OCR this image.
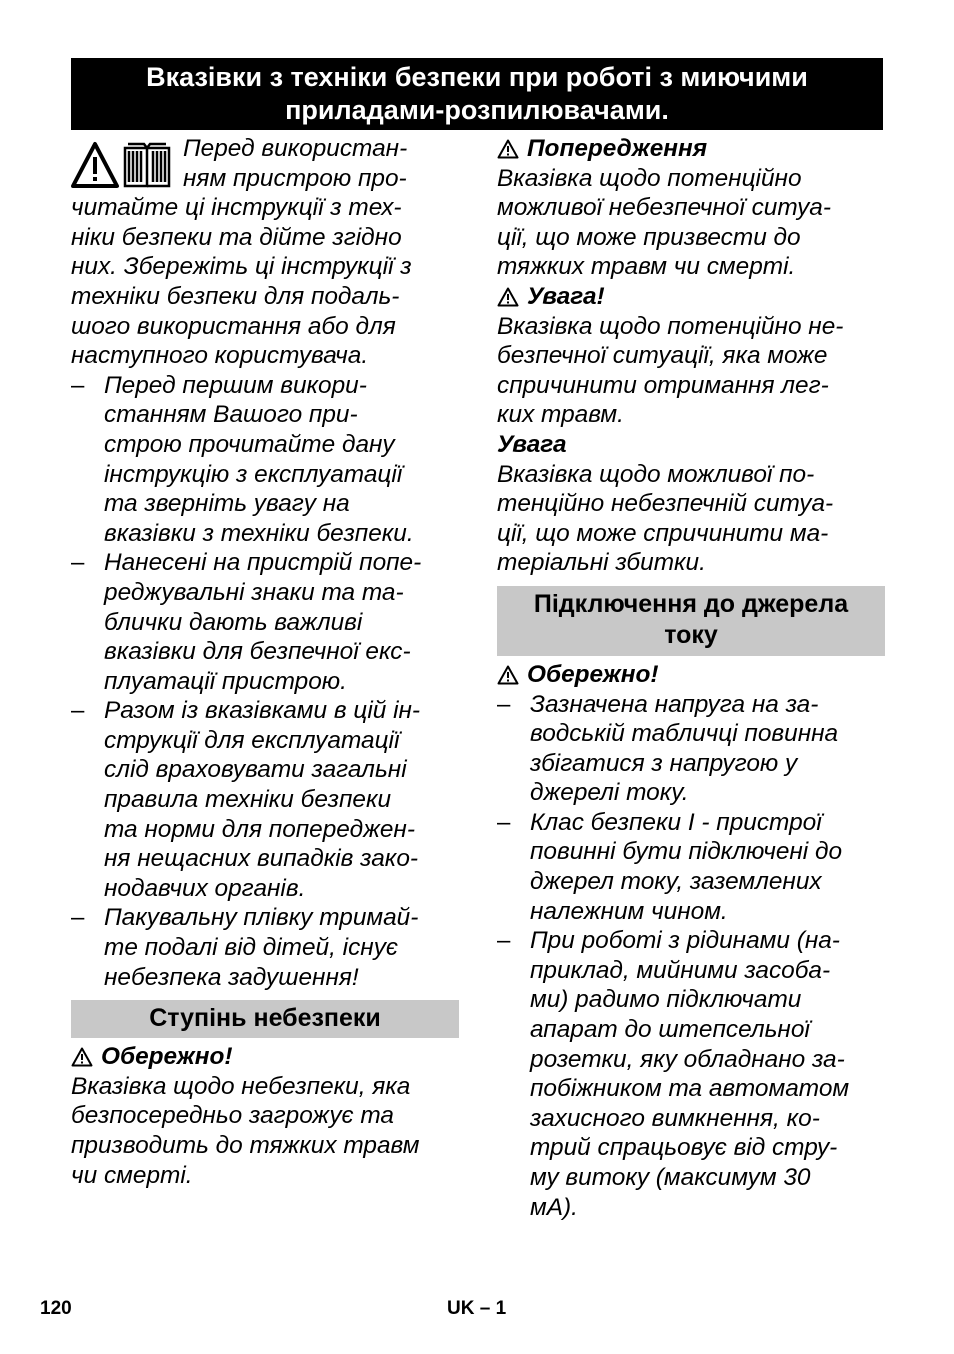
Вказівки з техніки безпеки при роботі з миючими
приладами-розпилювачами.

Перед використан-
ням пристрою про-
читайте ці інструкції з тех-
ніки безпеки та дійте згідно
них. Збережіть ці інструкції з
техніки безпеки для подаль-
шого використання або для
наступного користувача.

– Перед першим викори-
станням Вашого при-
строю прочитайте дану
інструкцію з експлуатації
та зверніть увагу на
вказівки з техніки безпеки.

– Нанесені на пристрій попе-
реджувальні знаки та та-
блички дають важливі
вказівки для безпечної екс-
плуатації пристрою.

– Разом із вказівками в цій ін-
струкції для експлуатації
слід враховувати загальні
правила техніки безпеки
та норми для попереджен-
ня нещасних випадків зако-
нодавчих органів.

– Пакувальну плівку тримай-
те подалі від дітей, існує
небезпека задушення!

Ступінь небезпеки
Обережно!

Вказівка щодо небезпеки, яка
безпосередньо загрожує та
призводить до тяжких травм
чи смерті.

Попередження

Вказівка щодо потенційно
можливої небезпечної ситуа-
ції, що може призвести до
тяжких травм чи смерті.

Увага!

Вказівка щодо потенційно не-
безпечної ситуації, яка може
спричинити отримання лег-
ких травм.

Увага

Вказівка щодо можливої по-
тенційно небезпечній ситуа-
ції, що може спричинити ма-
теріальні збитки.

Підключення до джерела
току
Обережно!
– Зазначена напруга на за-
водській табличці повинна
збігатися з напругою у
джерелі току.

– Клас безпеки I - пристрої
повинні бути підключені до
джерел току, заземлених
належним чином.

– При роботі з рідинами (на-
приклад, мийними засоба-
ми) радимо підключати
апарат до штепсельної
розетки, яку обладнано за-
побіжником та автоматом
захисного вимкнення, ко-
трий спрацьовує від стру-
му витоку (максимум 30
мА).

120	UK – 1
